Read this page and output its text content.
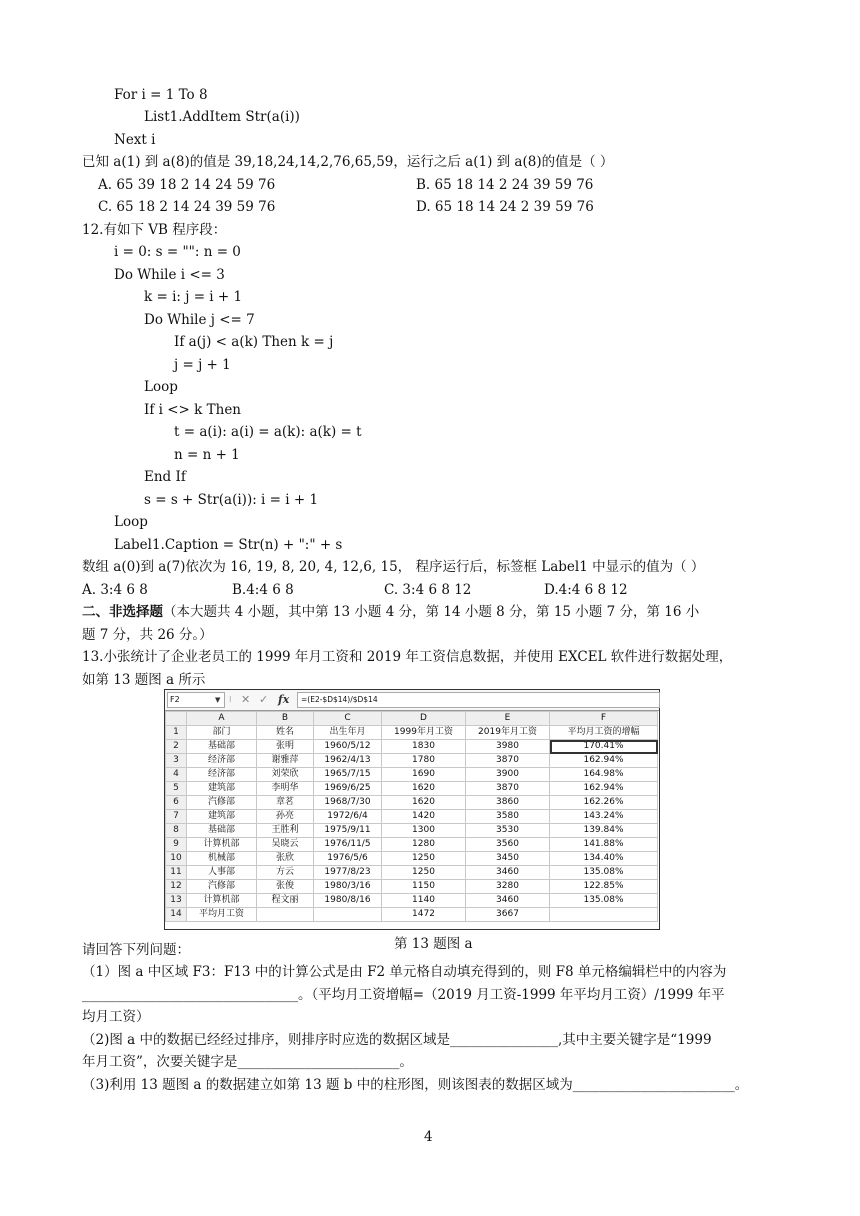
For i = 1 To 8
List1.AddItem Str(a(i))
Next i
已知 a(1) 到 a(8)的值是 39,18,24,14,2,76,65,59，运行之后 a(1) 到 a(8)的值是（ ）
A. 65 39 18 2 14 24 59 76	B. 65 18 14 2 24 39 59 76
C. 65 18 2 14 24 39 59 76	D. 65 18 14 24 2 39 59 76
12.有如下 VB 程序段：
i = 0: s = "": n = 0
Do While i <= 3
k = i: j = i + 1
Do While j <= 7
If a(j) < a(k) Then k = j
j = j + 1
Loop
If i <> k Then
t = a(i): a(i) = a(k): a(k) = t
n = n + 1
End If
s = s + Str(a(i)): i = i + 1
Loop
Label1.Caption = Str(n) + ":" + s
数组 a(0)到 a(7)依次为 16, 19, 8, 20, 4, 12,6, 15， 程序运行后，标签框 Label1 中显示的值为（ ）
A. 3:4 6 8	B.4:4 6 8	C. 3:4 6 8 12	D.4:4 6 8 12
二、非选择题（本大题共 4 小题，其中第 13 小题 4 分，第 14 小题 8 分，第 15 小题 7 分，第 16 小
题 7 分，共 26 分。）
13.小张统计了企业老员工的 1999 年月工资和 2019 年工资信息数据，并使用 EXCEL 软件进行数据处理，
如第 13 题图 a 所示
F2	▼ ⁝ ✕ ✓ fx	=(E2-$D$14)/$D$14
	A	B	C	D	E	F
1	部门	姓名	出生年月	1999年月工资	2019年月工资	平均月工资的增幅
2	基础部	张明	1960/5/12	1830	3980	170.41%
3	经济部	谢雅萍	1962/4/13	1780	3870	162.94%
4	经济部	刘荣欣	1965/7/15	1690	3900	164.98%
5	建筑部	李明华	1969/6/25	1620	3870	162.94%
6	汽修部	章茗	1968/7/30	1620	3860	162.26%
7	建筑部	孙亮	1972/6/4	1420	3580	143.24%
8	基础部	王胜利	1975/9/11	1300	3530	139.84%
9	计算机部	吴晓云	1976/11/5	1280	3560	141.88%
10	机械部	张欣	1976/5/6	1250	3450	134.40%
11	人事部	方云	1977/8/23	1250	3460	135.08%
12	汽修部	张俊	1980/3/16	1150	3280	122.85%
13	计算机部	程文丽	1980/8/16	1140	3460	135.08%
14	平均月工资			1472	3667	
第 13 题图 a
请回答下列问题：
（1）图 a 中区域 F3：F13 中的计算公式是由 F2 单元格自动填充得到的，则 F8 单元格编辑栏中的内容为
________________________________。（平均月工资增幅=（2019 月工资-1999 年平均月工资）/1999 年平
均月工资）
（2)图 a 中的数据已经经过排序，则排序时应选的数据区域是________________,其中主要关键字是“1999
年月工资”，次要关键字是________________________。
（3)利用 13 题图 a 的数据建立如第 13 题 b 中的柱形图，则该图表的数据区域为________________________。
4
